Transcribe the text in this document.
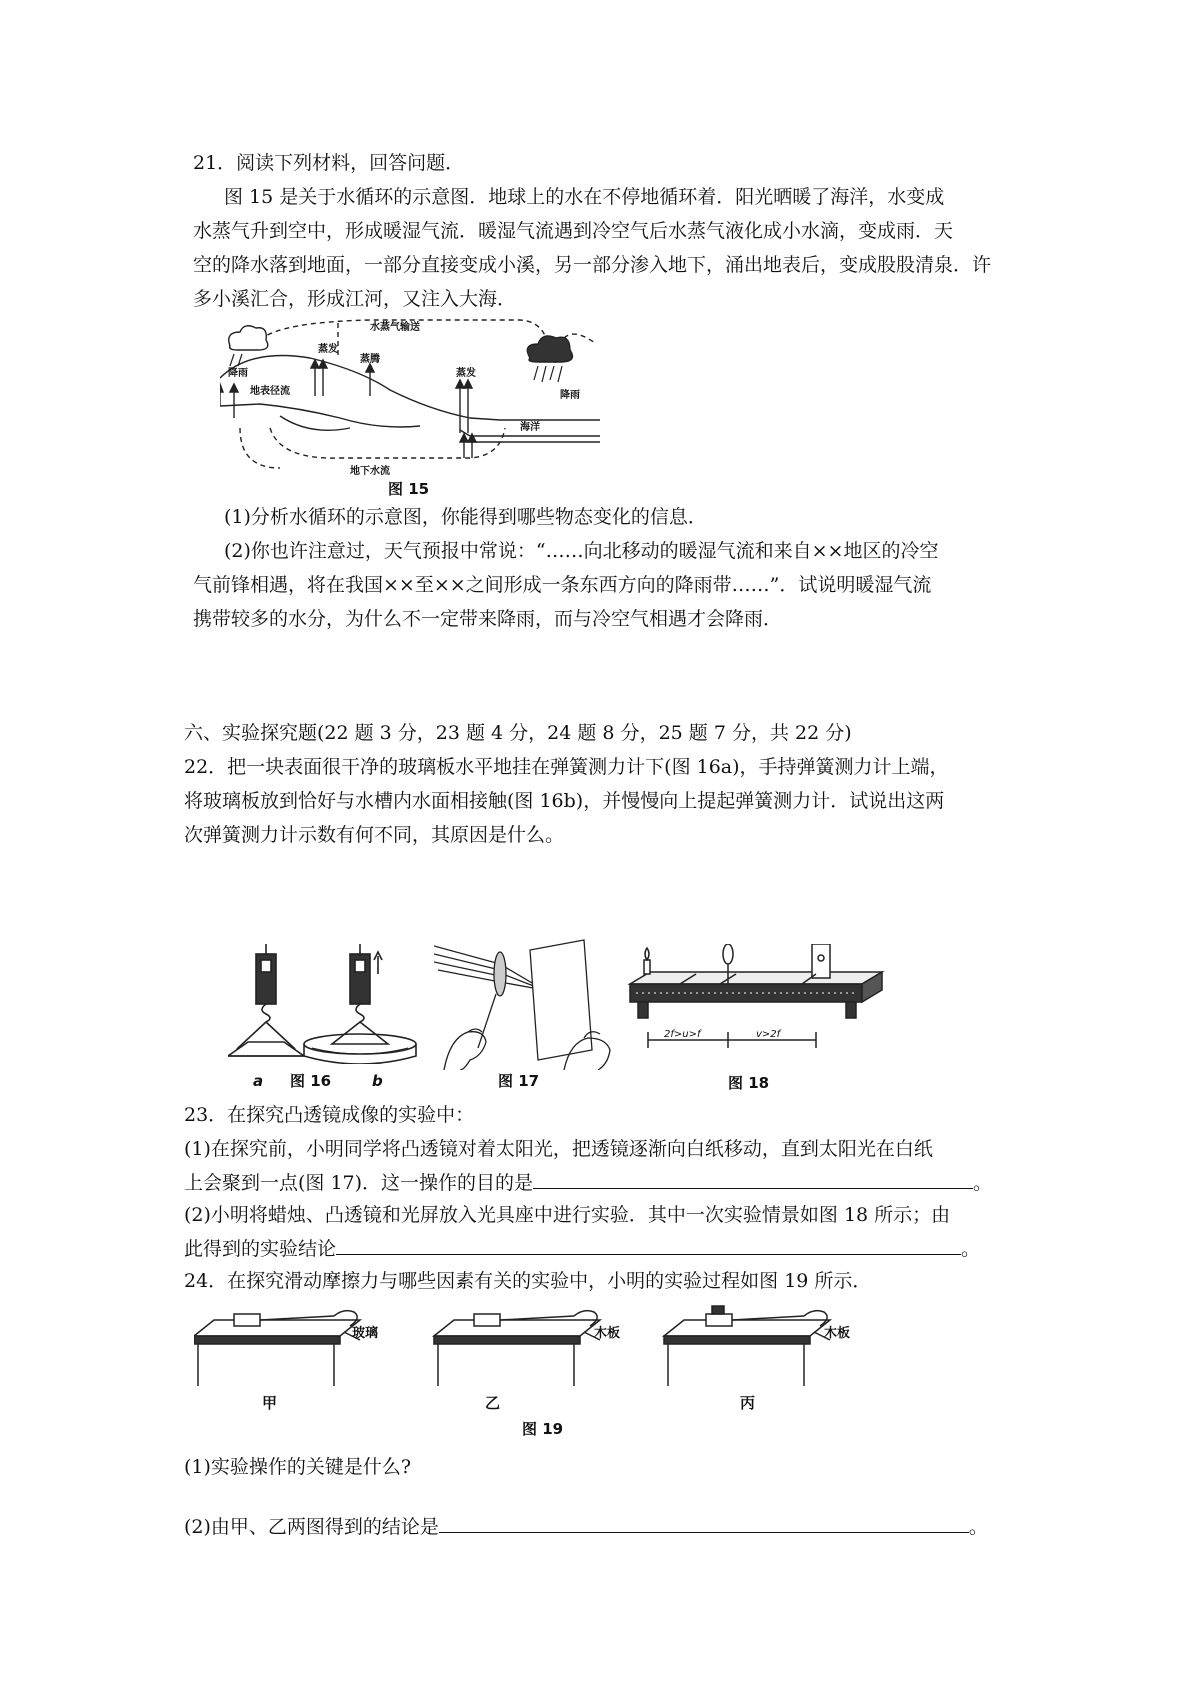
21．阅读下列材料，回答问题．
图 15 是关于水循环的示意图．地球上的水在不停地循环着．阳光晒暖了海洋，水变成
水蒸气升到空中，形成暖湿气流．暖湿气流遇到冷空气后水蒸气液化成小水滴，变成雨．天
空的降水落到地面，一部分直接变成小溪，另一部分渗入地下，涌出地表后，变成股股清泉．许
多小溪汇合，形成江河，又注入大海．
水蒸气输送
降雨
蒸发
蒸腾
地表径流
蒸发
降雨
海洋
地下水流
图 15
(1)分析水循环的示意图，你能得到哪些物态变化的信息．
(2)你也许注意过，天气预报中常说：“……向北移动的暖湿气流和来自××地区的冷空
气前锋相遇，将在我国××至××之间形成一条东西方向的降雨带……”．试说明暖湿气流
携带较多的水分，为什么不一定带来降雨，而与冷空气相遇才会降雨．
六、实验探究题(22 题 3 分，23 题 4 分，24 题 8 分，25 题 7 分，共 22 分)
22．把一块表面很干净的玻璃板水平地挂在弹簧测力计下(图 16a)，手持弹簧测力计上端，
将玻璃板放到恰好与水槽内水面相接触(图 16b)，并慢慢向上提起弹簧测力计．试说出这两
次弹簧测力计示数有何不同，其原因是什么。
图 16
a	b	图 17
2f>u>f	v>2f
图 18
23．在探究凸透镜成像的实验中：
(1)在探究前，小明同学将凸透镜对着太阳光，把透镜逐渐向白纸移动，直到太阳光在白纸
上会聚到一点(图 17)．这一操作的目的是	。
(2)小明将蜡烛、凸透镜和光屏放入光具座中进行实验．其中一次实验情景如图 18 所示；由
此得到的实验结论	。
24．在探究滑动摩擦力与哪些因素有关的实验中，小明的实验过程如图 19 所示．
玻璃	木板	木板
甲	乙	丙
图 19
(1)实验操作的关键是什么?
(2)由甲、乙两图得到的结论是	。
